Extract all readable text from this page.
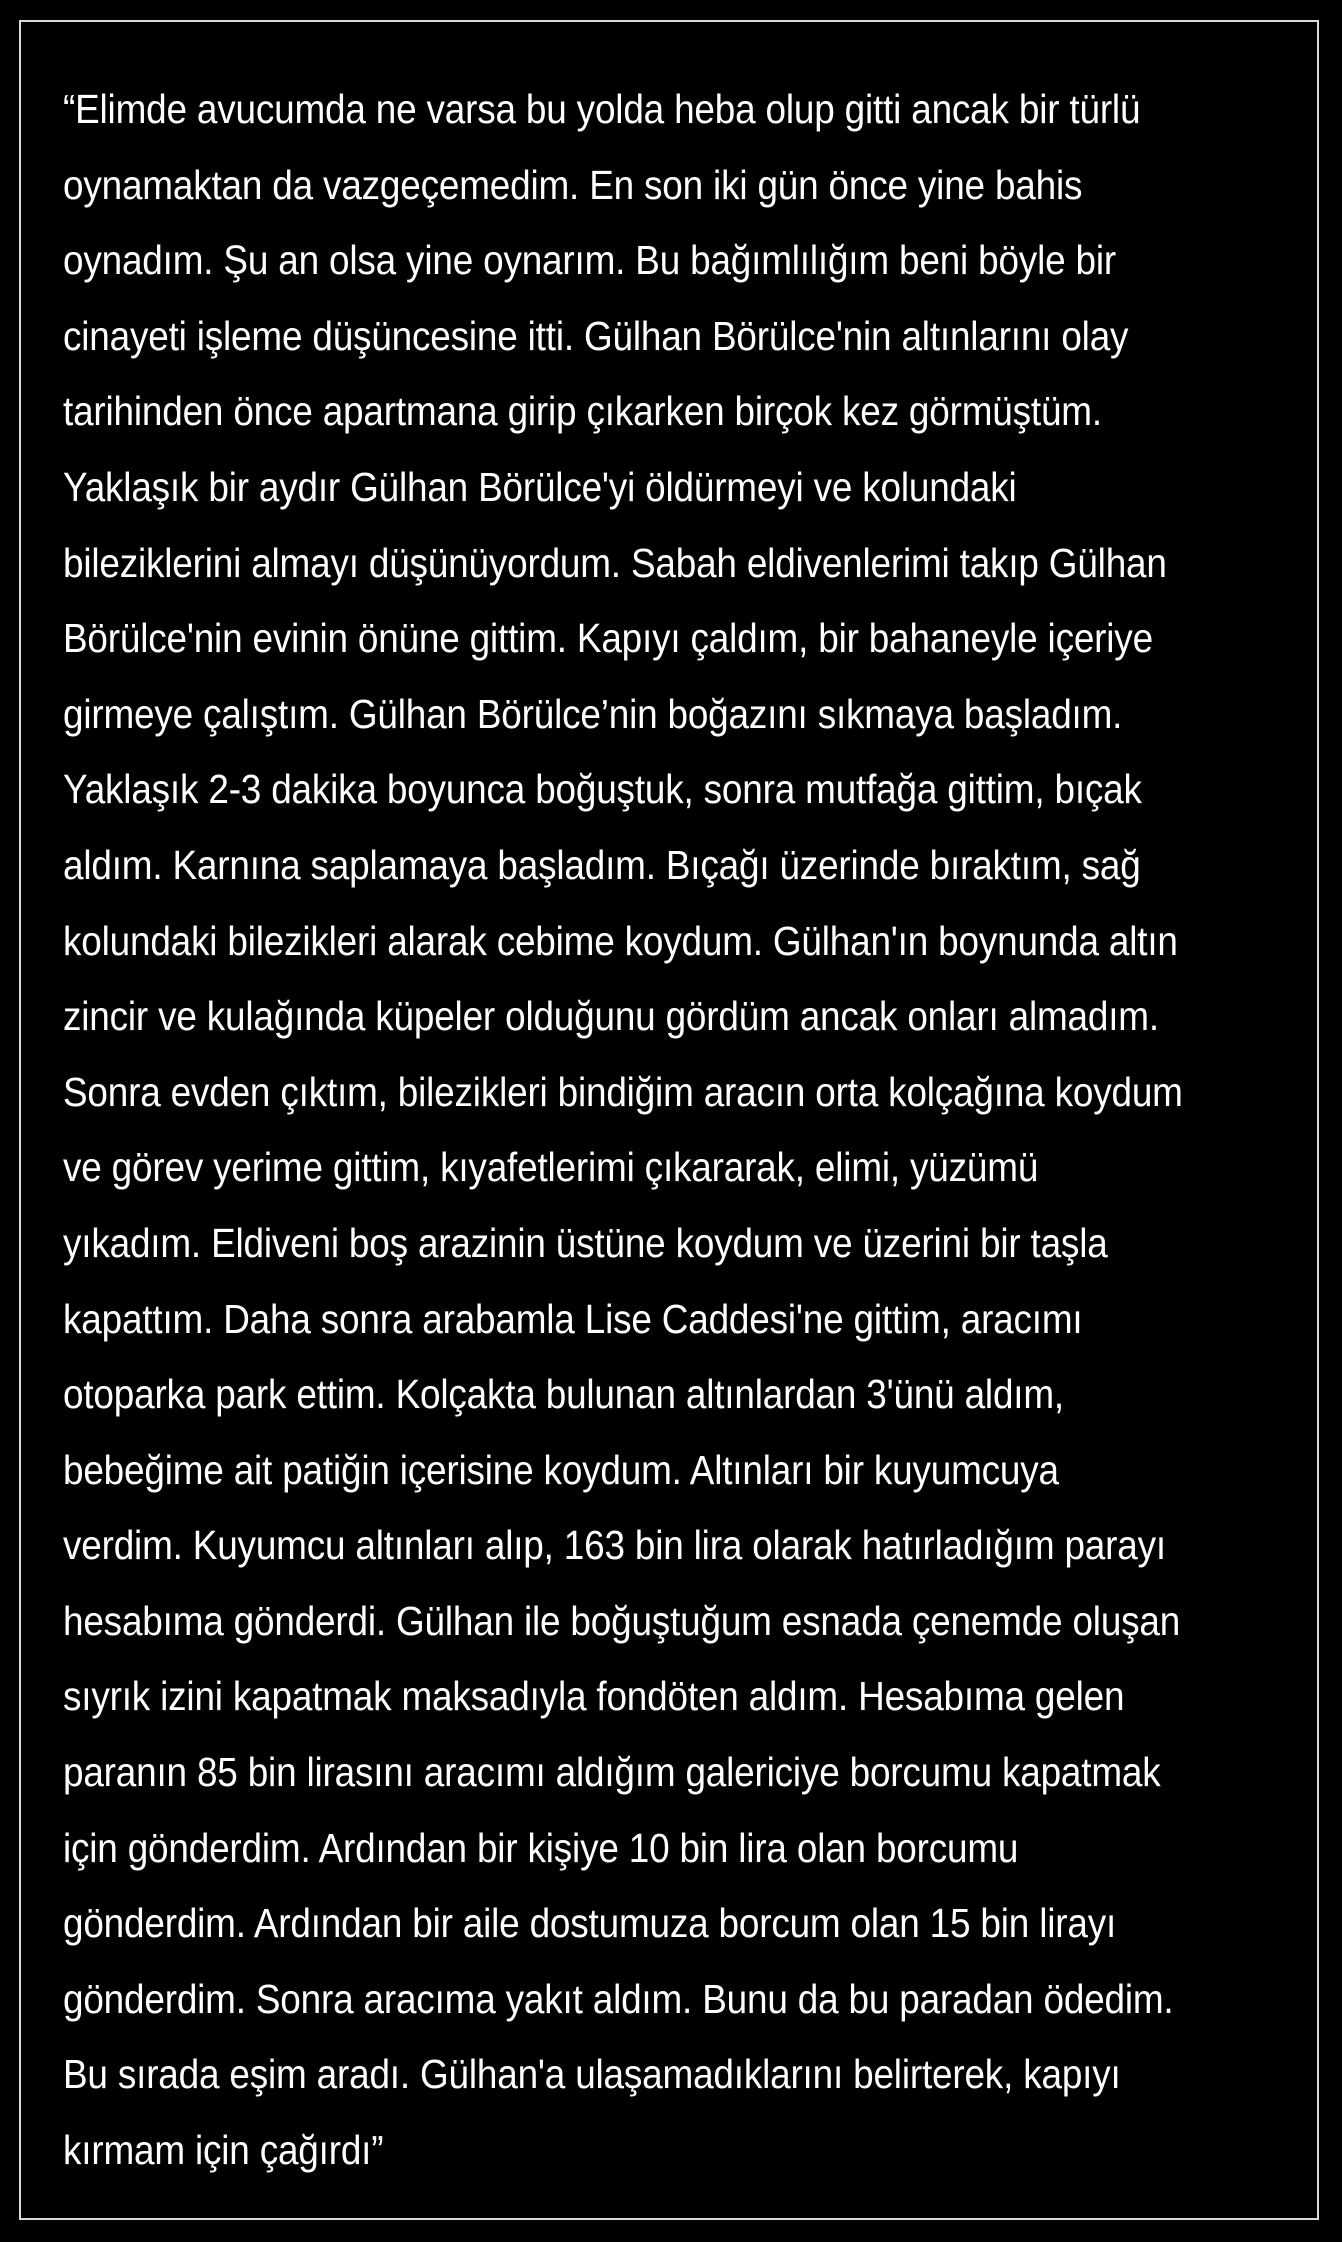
“Elimde avucumda ne varsa bu yolda heba olup gitti ancak bir türlü
oynamaktan da vazgeçemedim. En son iki gün önce yine bahis
oynadım. Şu an olsa yine oynarım. Bu bağımlılığım beni böyle bir
cinayeti işleme düşüncesine itti. Gülhan Börülce'nin altınlarını olay
tarihinden önce apartmana girip çıkarken birçok kez görmüştüm.
Yaklaşık bir aydır Gülhan Börülce'yi öldürmeyi ve kolundaki
bileziklerini almayı düşünüyordum. Sabah eldivenlerimi takıp Gülhan
Börülce'nin evinin önüne gittim. Kapıyı çaldım, bir bahaneyle içeriye
girmeye çalıştım. Gülhan Börülce’nin boğazını sıkmaya başladım.
Yaklaşık 2-3 dakika boyunca boğuştuk, sonra mutfağa gittim, bıçak
aldım. Karnına saplamaya başladım. Bıçağı üzerinde bıraktım, sağ
kolundaki bilezikleri alarak cebime koydum. Gülhan'ın boynunda altın
zincir ve kulağında küpeler olduğunu gördüm ancak onları almadım.
Sonra evden çıktım, bilezikleri bindiğim aracın orta kolçağına koydum
ve görev yerime gittim, kıyafetlerimi çıkararak, elimi, yüzümü
yıkadım. Eldiveni boş arazinin üstüne koydum ve üzerini bir taşla
kapattım. Daha sonra arabamla Lise Caddesi'ne gittim, aracımı
otoparka park ettim. Kolçakta bulunan altınlardan 3'ünü aldım,
bebeğime ait patiğin içerisine koydum. Altınları bir kuyumcuya
verdim. Kuyumcu altınları alıp, 163 bin lira olarak hatırladığım parayı
hesabıma gönderdi. Gülhan ile boğuştuğum esnada çenemde oluşan
sıyrık izini kapatmak maksadıyla fondöten aldım. Hesabıma gelen
paranın 85 bin lirasını aracımı aldığım galericiye borcumu kapatmak
için gönderdim. Ardından bir kişiye 10 bin lira olan borcumu
gönderdim. Ardından bir aile dostumuza borcum olan 15 bin lirayı
gönderdim. Sonra aracıma yakıt aldım. Bunu da bu paradan ödedim.
Bu sırada eşim aradı. Gülhan'a ulaşamadıklarını belirterek, kapıyı
kırmam için çağırdı”
